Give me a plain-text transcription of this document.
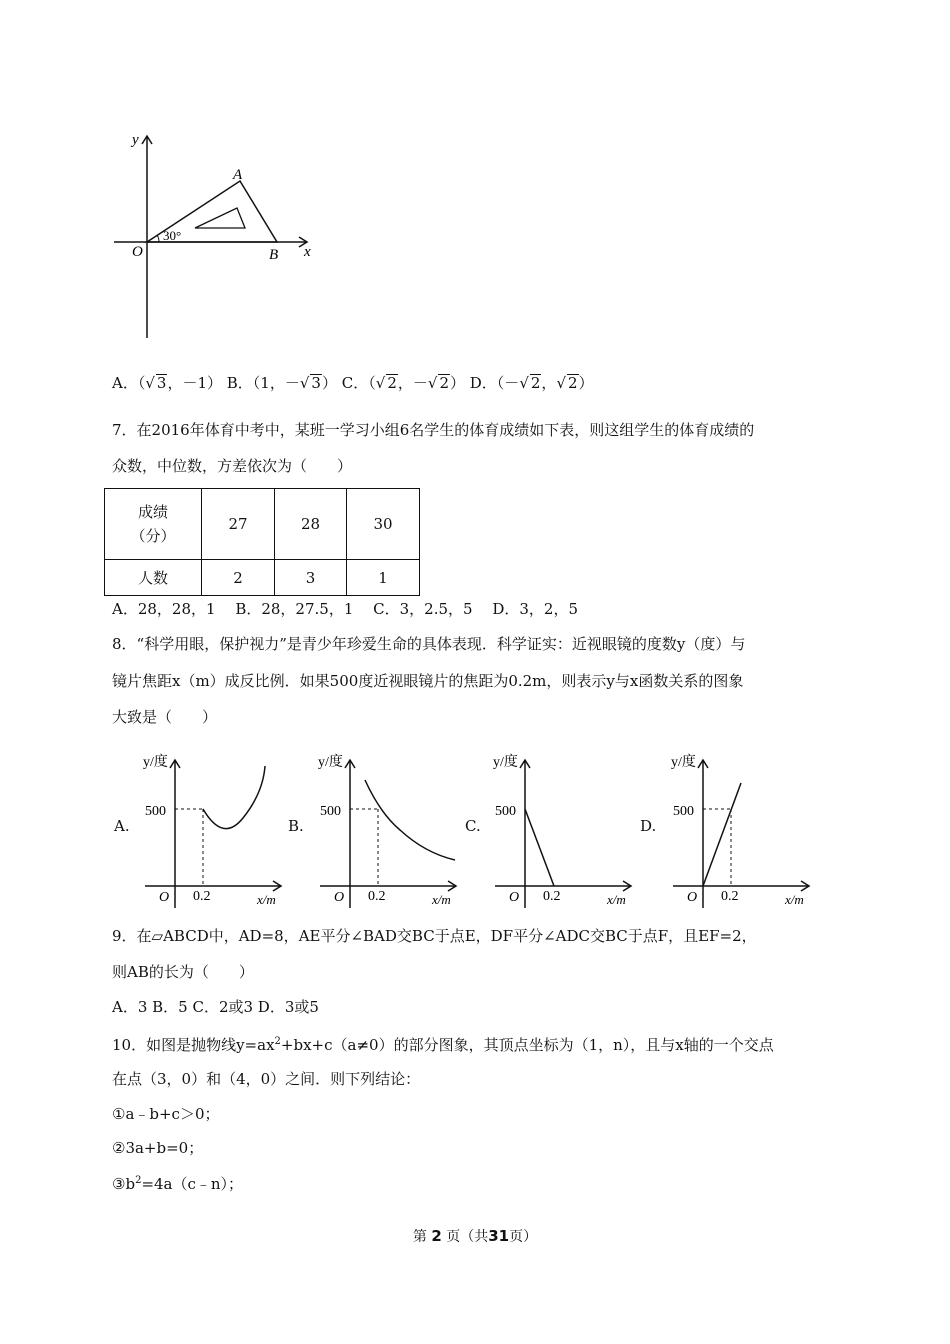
y
x
O
A
B
30°
A．（√ 3，－1） B．（1，－√ 3） C．（√ 2，－√ 2） D．（－√ 2，√ 2）
7．在2016年体育中考中，某班一学习小组6名学生的体育成绩如下表，则这组学生的体育成绩的
众数，中位数，方差依次为（　　）
成绩
（分）	27	28	30
人数	2	3	1
A．28，28，1　 B．28，27.5，1　 C．3，2.5，5　 D．3，2，5
8．“科学用眼，保护视力”是青少年珍爱生命的具体表现．科学证实：近视眼镜的度数y（度）与
镜片焦距x（m）成反比例．如果500度近视眼镜片的焦距为0.2m，则表示y与x函数关系的图象
大致是（　　）
A.
y/度
500
O 0.2	x/m
B.
y/度
500
O 0.2	x/m
C.
y/度
500
O 0.2	x/m
D.
y/度
500
O 0.2	x/m
9．在▱ABCD中，AD=8，AE平分∠BAD交BC于点E，DF平分∠ADC交BC于点F，且EF=2，
则AB的长为（　　）
A．3 B．5 C．2或3 D．3或5
10．如图是抛物线$y=ax^2+bx+c(a\ne 0)$的部分图象，其顶点坐标为（1，n），且与x轴的一个交点
在点（3，0）和（4，0）之间．则下列结论：
①a﹣b+c＞0；
②3a+b=0；
$③b^2=4a(c﹣n)$；
第 2 页（共31页）
